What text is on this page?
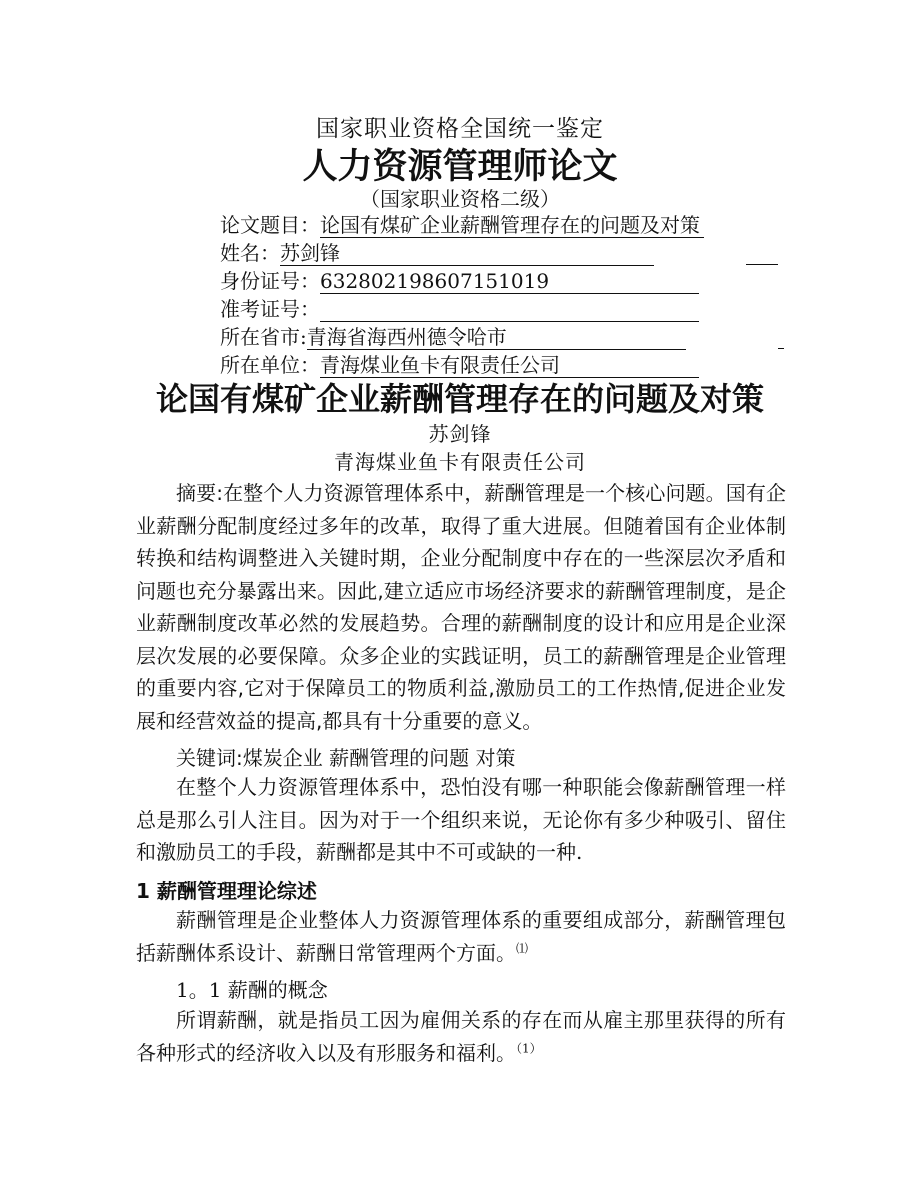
国家职业资格全国统一鉴定
人力资源管理师论文
（国家职业资格二级）
论文题目：论国有煤矿企业薪酬管理存在的问题及对策
姓名：苏剑锋
身份证号：632802198607151019
准考证号：
所在省市:青海省海西州德令哈市
所在单位：青海煤业鱼卡有限责任公司
论国有煤矿企业薪酬管理存在的问题及对策
苏剑锋
青海煤业鱼卡有限责任公司
摘要:在整个人力资源管理体系中，薪酬管理是一个核心问题。国有企业薪酬分配制度经过多年的改革，取得了重大进展。但随着国有企业体制转换和结构调整进入关键时期，企业分配制度中存在的一些深层次矛盾和问题也充分暴露出来。因此,建立适应市场经济要求的薪酬管理制度，是企业薪酬制度改革必然的发展趋势。合理的薪酬制度的设计和应用是企业深层次发展的必要保障。众多企业的实践证明，员工的薪酬管理是企业管理的重要内容,它对于保障员工的物质利益,激励员工的工作热情,促进企业发展和经营效益的提高,都具有十分重要的意义。
关键词:煤炭企业 薪酬管理的问题 对策
在整个人力资源管理体系中，恐怕没有哪一种职能会像薪酬管理一样总是那么引人注目。因为对于一个组织来说，无论你有多少种吸引、留住和激励员工的手段，薪酬都是其中不可或缺的一种.
1 薪酬管理理论综述
薪酬管理是企业整体人力资源管理体系的重要组成部分，薪酬管理包括薪酬体系设计、薪酬日常管理两个方面。⑴
1。1 薪酬的概念
所谓薪酬，就是指员工因为雇佣关系的存在而从雇主那里获得的所有各种形式的经济收入以及有形服务和福利。$^{(1)}$
